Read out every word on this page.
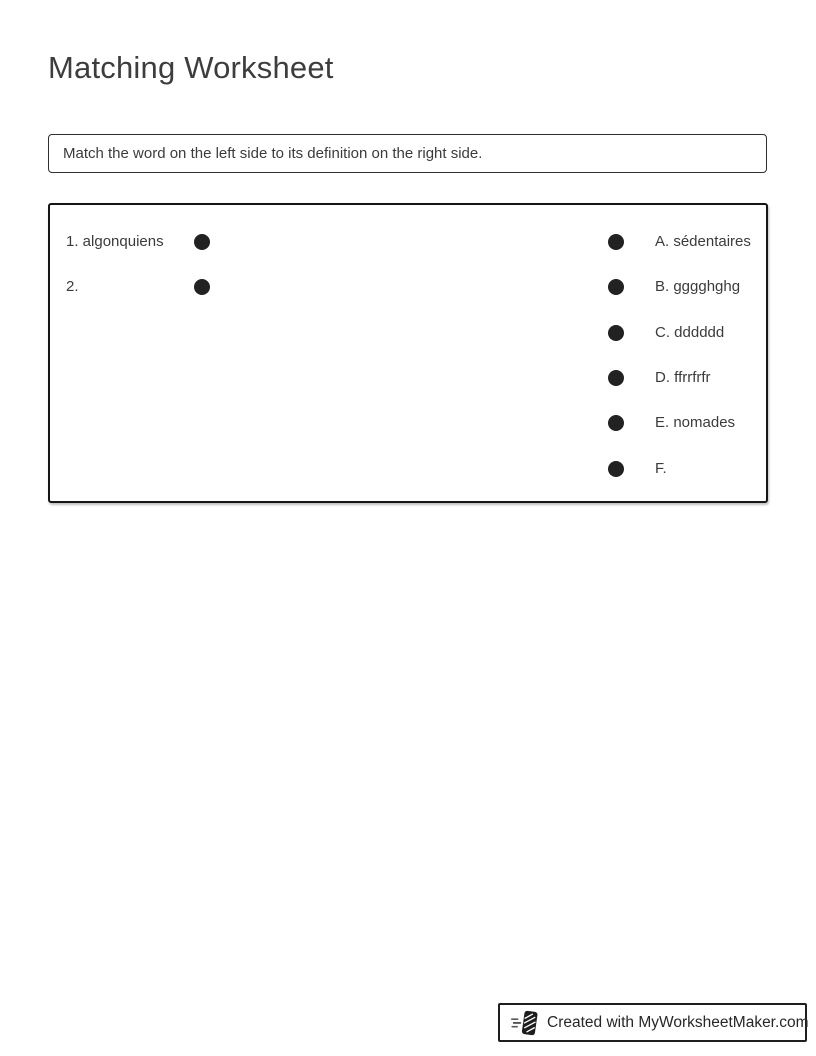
Matching Worksheet
Match the word on the left side to its definition on the right side.
1. algonquiens
2.
A. sédentaires
B. gggghghg
C. dddddd
D. ffrrfrfr
E. nomades
F.
Created with MyWorksheetMaker.com
